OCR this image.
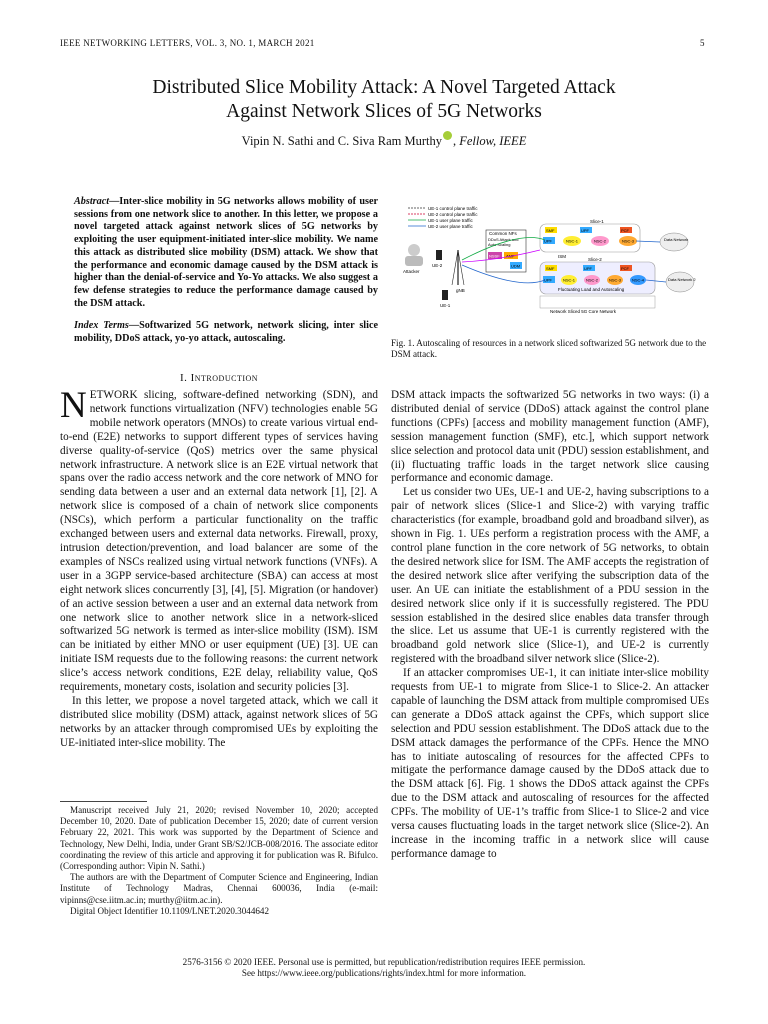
IEEE NETWORKING LETTERS, VOL. 3, NO. 1, MARCH 2021	5
Distributed Slice Mobility Attack: A Novel Targeted Attack
Against Network Slices of 5G Networks
Vipin N. Sathi and C. Siva Ram Murthy , Fellow, IEEE
Abstract—Inter-slice mobility in 5G networks allows mobility of user sessions from one network slice to another. In this letter, we propose a novel targeted attack against network slices of 5G networks by exploiting the user equipment-initiated inter-slice mobility. We name this attack as distributed slice mobility (DSM) attack. We show that the performance and economic damage caused by the DSM attack is higher than the denial-of-service and Yo-Yo attacks. We also suggest a few defense strategies to reduce the performance damage caused by the DSM attack.
Index Terms—Softwarized 5G network, network slicing, inter slice mobility, DDoS attack, yo-yo attack, autoscaling.
I. Introduction

NETWORK slicing, software-defined networking (SDN), and network functions virtualization (NFV) technologies enable 5G mobile network operators (MNOs) to create various virtual end-to-end (E2E) networks to support different types of services having diverse quality-of-service (QoS) metrics over the same physical network infrastructure. A network slice is an E2E virtual network that spans over the radio access network and the core network of MNO for sending data between a user and an external data network [1], [2]. A network slice is composed of a chain of network slice components (NSCs), which perform a particular functionality on the traffic exchanged between users and external data networks. Firewall, proxy, intrusion detection/prevention, and load balancer are some of the examples of NSCs realized using virtual network functions (VNFs). A user in a 3GPP service-based architecture (SBA) can access at most eight network slices concurrently [3], [4], [5]. Migration (or handover) of an active session between a user and an external data network from one network slice to another network slice in a network-sliced softwarized 5G network is termed as inter-slice mobility (ISM). ISM can be initiated by either MNO or user equipment (UE) [3]. UE can initiate ISM requests due to the following reasons: the current network slice’s access network conditions, E2E delay, reliability value, QoS requirements, monetary costs, isolation and security policies [3].

In this letter, we propose a novel targeted attack, which we call it distributed slice mobility (DSM) attack, against network slices of 5G networks by an attacker through compromised UEs by exploiting the UE-initiated inter-slice mobility. The

Manuscript received July 21, 2020; revised November 10, 2020; accepted December 10, 2020. Date of publication December 15, 2020; date of current version February 22, 2021. This work was supported by the Department of Science and Technology, New Delhi, India, under Grant SB/S2/JCB-008/2016. The associate editor coordinating the review of this article and approving it for publication was R. Bifulco. (Corresponding author: Vipin N. Sathi.)

The authors are with the Department of Computer Science and Engineering, Indian Institute of Technology Madras, Chennai 600036, India (e-mail: vipinns@cse.iitm.ac.in; murthy@iitm.ac.in).

Digital Object Identifier 10.1109/LNET.2020.3044642

UE-1 control plane traffic
UE-2 control plane traffic
UE-1 user plane traffic
UE-2 user plane traffic
Attacker
UE-2
UE-1
gNB
Common NFs
DDoS Attack and
Auto Scaling
NSSF AMF
UDM
Slice-1
SMF	UPF	PCF
UPF	NSC-1	NSC-2	NSC-3
ISM
Slice-2
SMF	UPF	PCF
UPF	NSC-1	NSC-2	NSC-3	NSC-4
Fluctuating Load and Autoscaling
Data Network
Data Network 2
Network Sliced 5G Core Network
Fig. 1. Autoscaling of resources in a network sliced softwarized 5G network due to the DSM attack.

DSM attack impacts the softwarized 5G networks in two ways: (i) a distributed denial of service (DDoS) attack against the control plane functions (CPFs) [access and mobility management function (AMF), session management function (SMF), etc.], which support network slice selection and protocol data unit (PDU) session establishment, and (ii) fluctuating traffic loads in the target network slice causing performance and economic damage.

Let us consider two UEs, UE-1 and UE-2, having subscriptions to a pair of network slices (Slice-1 and Slice-2) with varying traffic characteristics (for example, broadband gold and broadband silver), as shown in Fig. 1. UEs perform a registration process with the AMF, a control plane function in the core network of 5G networks, to obtain the desired network slice for ISM. The AMF accepts the registration of the desired network slice after verifying the subscription data of the user. An UE can initiate the establishment of a PDU session in the desired network slice only if it is successfully registered. The PDU session established in the desired slice enables data transfer through the slice. Let us assume that UE-1 is currently registered with the broadband gold network slice (Slice-1), and UE-2 is currently registered with the broadband silver network slice (Slice-2).

If an attacker compromises UE-1, it can initiate inter-slice mobility requests from UE-1 to migrate from Slice-1 to Slice-2. An attacker capable of launching the DSM attack from multiple compromised UEs can generate a DDoS attack against the CPFs, which support slice selection and PDU session establishment. The DDoS attack due to the DSM attack damages the performance of the CPFs. Hence the MNO has to initiate autoscaling of resources for the affected CPFs to mitigate the performance damage caused by the DDoS attack due to the DSM attack [6]. Fig. 1 shows the DDoS attack against the CPFs due to the DSM attack and autoscaling of resources for the affected CPFs. The mobility of UE-1’s traffic from Slice-1 to Slice-2 and vice versa causes fluctuating loads in the target network slice (Slice-2). An increase in the incoming traffic in a network slice will cause performance damage to

2576-3156 © 2020 IEEE. Personal use is permitted, but republication/redistribution requires IEEE permission.
See https://www.ieee.org/publications/rights/index.html for more information.
